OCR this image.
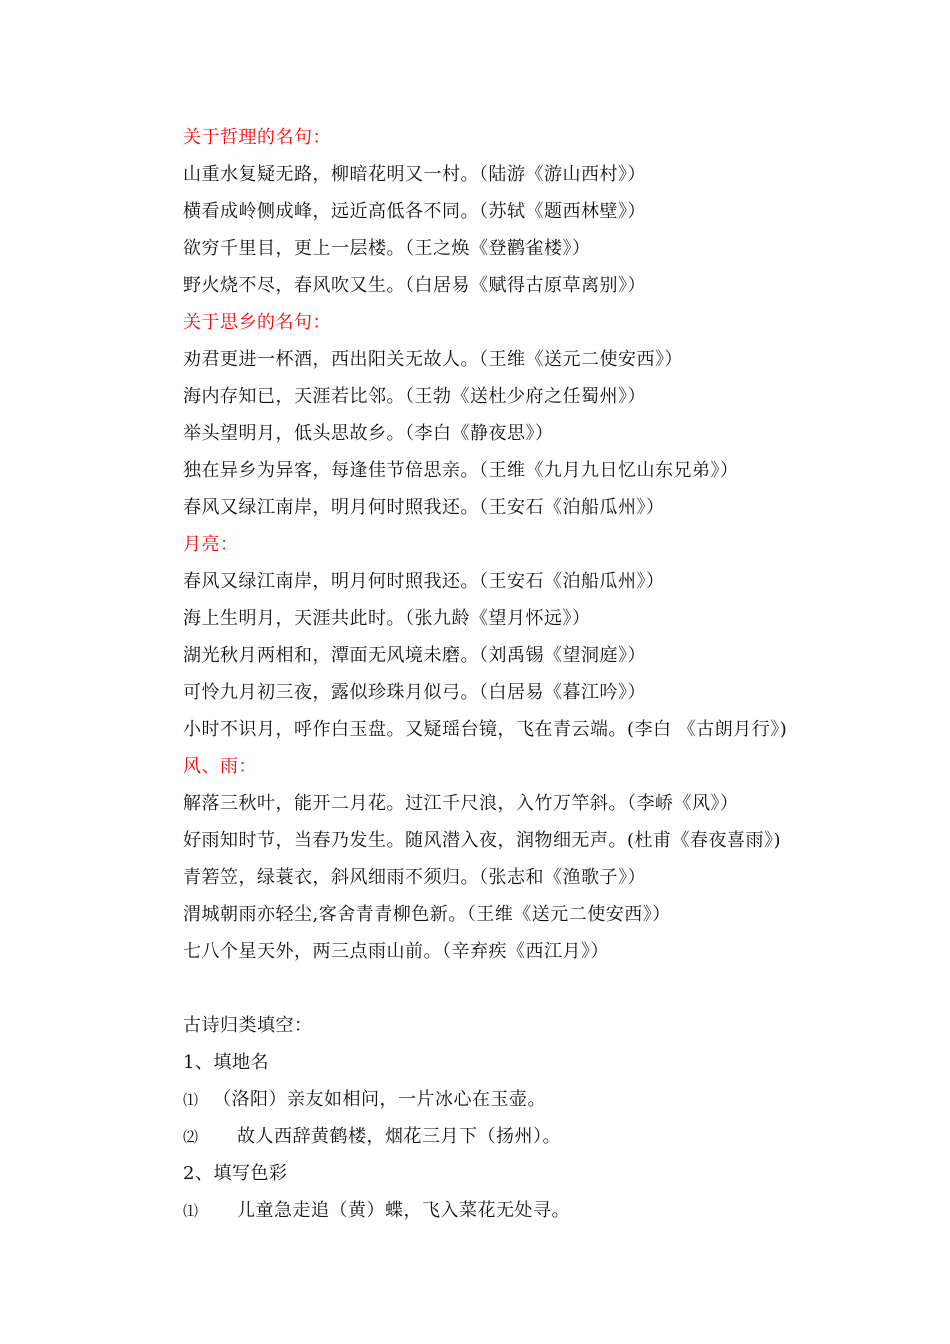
关于哲理的名句：
山重水复疑无路，柳暗花明又一村。（陆游《游山西村》）
横看成岭侧成峰，远近高低各不同。（苏轼《题西林壁》）
欲穷千里目，更上一层楼。（王之焕《登鹳雀楼》）
野火烧不尽，春风吹又生。（白居易《赋得古原草离别》）
关于思乡的名句：
劝君更进一杯酒，西出阳关无故人。（王维《送元二使安西》）
海内存知已，天涯若比邻。（王勃《送杜少府之任蜀州》）
举头望明月，低头思故乡。（李白《静夜思》）
独在异乡为异客，每逢佳节倍思亲。（王维《九月九日忆山东兄弟》）
春风又绿江南岸，明月何时照我还。（王安石《泊船瓜州》）
月亮：
春风又绿江南岸，明月何时照我还。（王安石《泊船瓜州》）
海上生明月，天涯共此时。（张九龄《望月怀远》）
湖光秋月两相和，潭面无风境未磨。（刘禹锡《望洞庭》）
可怜九月初三夜，露似珍珠月似弓。（白居易《暮江吟》）
小时不识月，呼作白玉盘。又疑瑶台镜，飞在青云端。(李白 《古朗月行》)
风、雨：
解落三秋叶，能开二月花。过江千尺浪，入竹万竿斜。（李峤《风》）
好雨知时节，当春乃发生。随风潜入夜，润物细无声。(杜甫《春夜喜雨》)
青箬笠，绿蓑衣，斜风细雨不须归。（张志和《渔歌子》）
渭城朝雨亦轻尘,客舍青青柳色新。（王维《送元二使安西》）
七八个星天外，两三点雨山前。（辛弃疾《西江月》）
古诗归类填空：
1、填地名
⑴ （洛阳）亲友如相问，一片冰心在玉壶。
⑵ 故人西辞黄鹤楼，烟花三月下（扬州）。
2、填写色彩
⑴ 儿童急走追（黄）蝶，飞入菜花无处寻。
